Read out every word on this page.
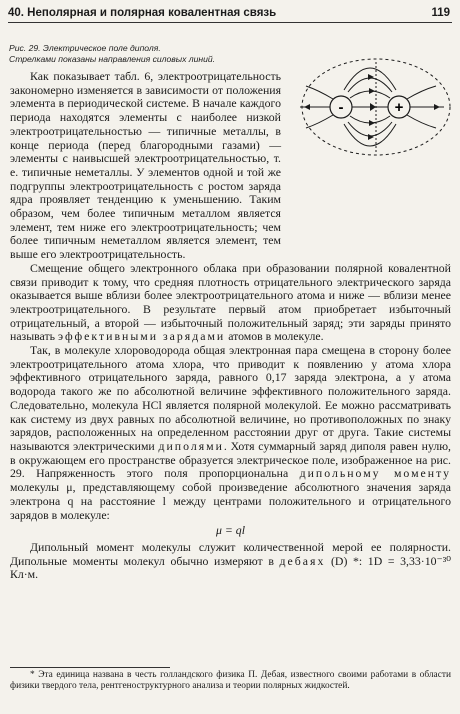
40. Неполярная и полярная ковалентная связь	119
Рис. 29. Электрическое поле диполя.
Стрелками показаны направления силовых линий.
-	+

Как показывает табл. 6, электроотрицательность закономерно изменяется в зависимости от положения элемента в периодической системе. В начале каждого периода находятся элементы с наиболее низкой электроотрицательностью — типичные металлы, в конце периода (перед благородными газами) — элементы с наивысшей электроотрицательностью, т. е. типичные неметаллы. У элементов одной и той же подгруппы электроотрицательность с ростом заряда ядра проявляет тенденцию к уменьшению. Таким образом, чем более типичным металлом является элемент, тем ниже его электроотрицательность; чем более типичным неметаллом является элемент, тем выше его электроотрицательность.

Смещение общего электронного облака при образовании полярной ковалентной связи приводит к тому, что средняя плотность отрицательного электрического заряда оказывается выше вблизи более электроотрицательного атома и ниже — вблизи менее электроотрицательного. В результате первый атом приобретает избыточный отрицательный, а второй — избыточный положительный заряд; эти заряды принято называть эффективными зарядами атомов в молекуле.

Так, в молекуле хлороводорода общая электронная пара смещена в сторону более электроотрицательного атома хлора, что приводит к появлению у атома хлора эффективного отрицательного заряда, равного 0,17 заряда электрона, а у атома водорода такого же по абсолютной величине эффективного положительного заряда. Следовательно, молекула HCl является полярной молекулой. Ее можно рассматривать как систему из двух равных по абсолютной величине, но противоположных по знаку зарядов, расположенных на определенном расстоянии друг от друга. Такие системы называются электрическими диполями. Хотя суммарный заряд диполя равен нулю, в окружающем его пространстве образуется электрическое поле, изображенное на рис. 29. Напряженность этого поля пропорциональна дипольному моменту молекулы μ, представляющему собой произведение абсолютного значения заряда электрона q на расстояние l между центрами положительного и отрицательного зарядов в молекуле:

μ = ql

Дипольный момент молекулы служит количественной мерой ее полярности. Дипольные моменты молекул обычно измеряют в дебаях (D) *: 1D = 3,33·10⁻³⁰ Кл·м.

* Эта единица названа в честь голландского физика П. Дебая, известного своими работами в области физики твердого тела, рентгеноструктурного анализа и теории полярных жидкостей.
